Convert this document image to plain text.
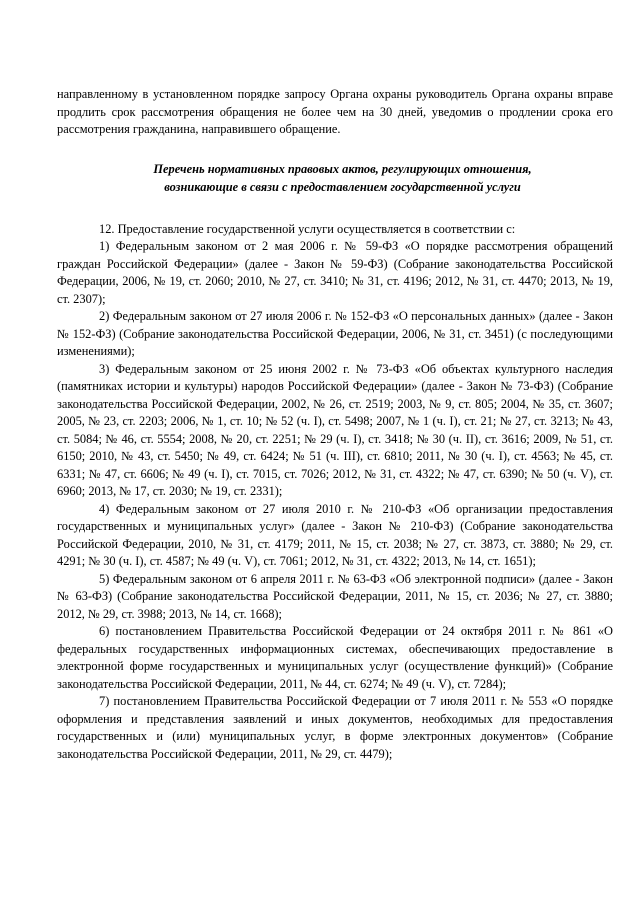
направленному в установленном порядке запросу Органа охраны руководитель Органа охраны вправе продлить срок рассмотрения обращения не более чем на 30 дней, уведомив о продлении срока его рассмотрения гражданина, направившего обращение.

Перечень нормативных правовых актов, регулирующих отношения,
возникающие в связи с предоставлением государственной услуги

12. Предоставление государственной услуги осуществляется в соответствии с:

1) Федеральным законом от 2 мая 2006 г. № 59-ФЗ «О порядке рассмотрения обращений граждан Российской Федерации» (далее - Закон № 59-ФЗ) (Собрание законодательства Российской Федерации, 2006, № 19, ст. 2060; 2010, № 27, ст. 3410; № 31, ст. 4196; 2012, № 31, ст. 4470; 2013, № 19, ст. 2307);

2) Федеральным законом от 27 июля 2006 г. № 152-ФЗ «О персональных данных» (далее - Закон № 152-ФЗ) (Собрание законодательства Российской Федерации, 2006, № 31, ст. 3451) (с последующими изменениями);

3) Федеральным законом от 25 июня 2002 г. № 73-ФЗ «Об объектах культурного наследия (памятниках истории и культуры) народов Российской Федерации» (далее - Закон № 73-ФЗ) (Собрание законодательства Российской Федерации, 2002, № 26, ст. 2519; 2003, № 9, ст. 805; 2004, № 35, ст. 3607; 2005, № 23, ст. 2203; 2006, № 1, ст. 10; № 52 (ч. I), ст. 5498; 2007, № 1 (ч. I), ст. 21; № 27, ст. 3213; № 43, ст. 5084; № 46, ст. 5554; 2008, № 20, ст. 2251; № 29 (ч. I), ст. 3418; № 30 (ч. II), ст. 3616; 2009, № 51, ст. 6150; 2010, № 43, ст. 5450; № 49, ст. 6424; № 51 (ч. III), ст. 6810; 2011, № 30 (ч. I), ст. 4563; № 45, ст. 6331; № 47, ст. 6606; № 49 (ч. I), ст. 7015, ст. 7026; 2012, № 31, ст. 4322; № 47, ст. 6390; № 50 (ч. V), ст. 6960; 2013, № 17, ст. 2030; № 19, ст. 2331);

4) Федеральным законом от 27 июля 2010 г. № 210-ФЗ «Об организации предоставления государственных и муниципальных услуг» (далее - Закон № 210-ФЗ) (Собрание законодательства Российской Федерации, 2010, № 31, ст. 4179; 2011, № 15, ст. 2038; № 27, ст. 3873, ст. 3880; № 29, ст. 4291; № 30 (ч. I), ст. 4587; № 49 (ч. V), ст. 7061; 2012, № 31, ст. 4322; 2013, № 14, ст. 1651);

5) Федеральным законом от 6 апреля 2011 г. № 63-ФЗ «Об электронной подписи» (далее - Закон № 63-ФЗ) (Собрание законодательства Российской Федерации, 2011, № 15, ст. 2036; № 27, ст. 3880; 2012, № 29, ст. 3988; 2013, № 14, ст. 1668);

6) постановлением Правительства Российской Федерации от 24 октября 2011 г. № 861 «О федеральных государственных информационных системах, обеспечивающих предоставление в электронной форме государственных и муниципальных услуг (осуществление функций)» (Собрание законодательства Российской Федерации, 2011, № 44, ст. 6274; № 49 (ч. V), ст. 7284);

7) постановлением Правительства Российской Федерации от 7 июля 2011 г. № 553 «О порядке оформления и представления заявлений и иных документов, необходимых для предоставления государственных и (или) муниципальных услуг, в форме электронных документов» (Собрание законодательства Российской Федерации, 2011, № 29, ст. 4479);
